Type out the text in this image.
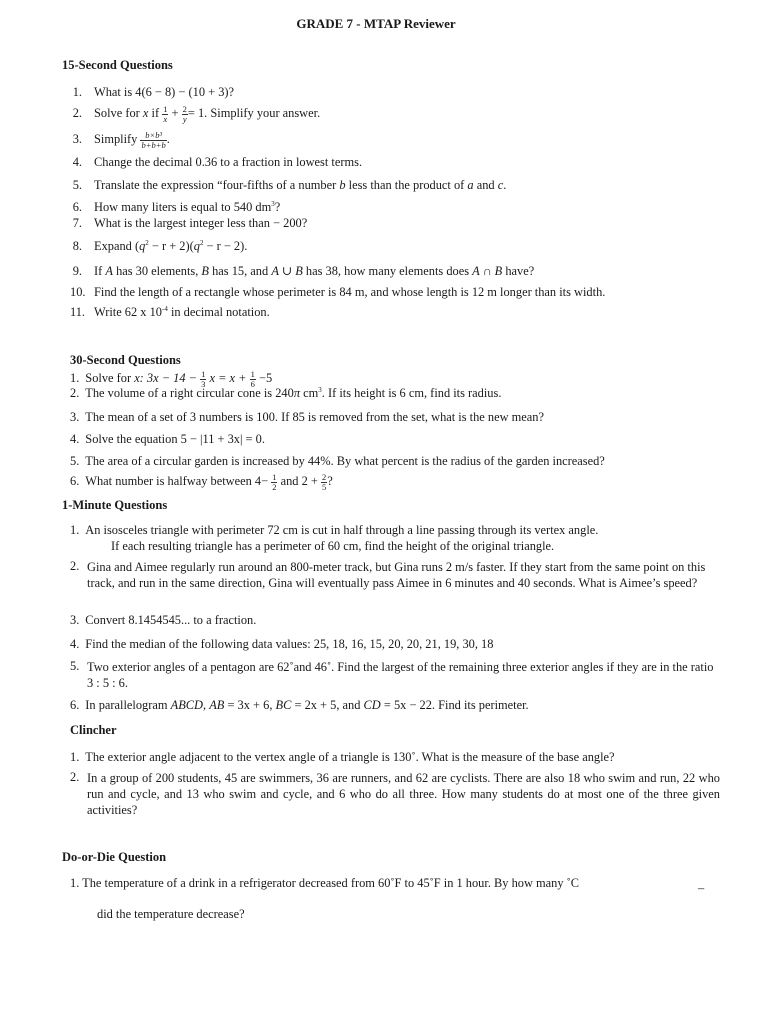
GRADE 7 - MTAP Reviewer
15-Second Questions
1. What is 4(6 − 8) − (10 + 3)?
2. Solve for x if $\frac{1}{x} + \frac{2}{y} = 1$. Simplify your answer.
3. Simplify $\frac{\text{b×b³}}{b+b+b}$ .
4. Change the decimal 0.36 to a fraction in lowest terms.
5. Translate the expression “four-fifths of a number b less than the product of a and c.
6. How many liters is equal to 540 $dm^3$?
7. What is the largest integer less than − 200?
8. Expand $(q^2 - r + 2)(q^2 - r - 2)$.
9. If A has 30 elements, B has 15, and A ∪ B has 38, how many elements does A ∩ B have?
10. Find the length of a rectangle whose perimeter is 84 m, and whose length is 12 m longer than its width.
11. Write 62 x $10^{-4}$ in decimal notation.
30-Second Questions
1. Solve for x: $3x - 14 - \frac{1}{3}$ $x = x + \frac{1}{6} -5$
2. The volume of a right circular cone is 240π $cm^3$. If its height is 6 cm, find its radius.
3. The mean of a set of 3 numbers is 100. If 85 is removed from the set, what is the new mean?
4. Solve the equation 5 − |11 + 3x| = 0.
5. The area of a circular garden is increased by 44%. By what percent is the radius of the garden increased?
6. What number is halfway between $4- \frac{1}{2}$ and $2 + \frac{2}{5}$ ?
1-Minute Questions
1. An isosceles triangle with perimeter 72 cm is cut in half through a line passing through its vertex angle.
If each resulting triangle has a perimeter of 60 cm, find the height of the original triangle.
2. Gina and Aimee regularly run around an 800-meter track, but Gina runs 2 m/s faster. If they start from the same point on this track, and run in the same direction, Gina will eventually pass Aimee in 6 minutes and 40 seconds. What is Aimee’s speed?
3. Convert 8.1454545... to a fraction.
4. Find the median of the following data values: 25, 18, 16, 15, 20, 20, 21, 19, 30, 18
5. Two exterior angles of a pentagon are 62˚and 46˚. Find the largest of the remaining three exterior angles if they are in the ratio 3 : 5 : 6.
6. In parallelogram ABCD, AB = 3x + 6, BC = 2x + 5, and CD = 5x − 22. Find its perimeter.
Clincher
1. The exterior angle adjacent to the vertex angle of a triangle is 130˚. What is the measure of the base angle?
2. In a group of 200 students, 45 are swimmers, 36 are runners, and 62 are cyclists. There are also 18 who swim and run, 22 who run and cycle, and 13 who swim and cycle, and 6 who do all three. How many students do at most one of the three given activities?
Do-or-Die Question
1. The temperature of a drink in a refrigerator decreased from 60˚F to 45˚F in 1 hour. By how many ˚C	–
did the temperature decrease?
